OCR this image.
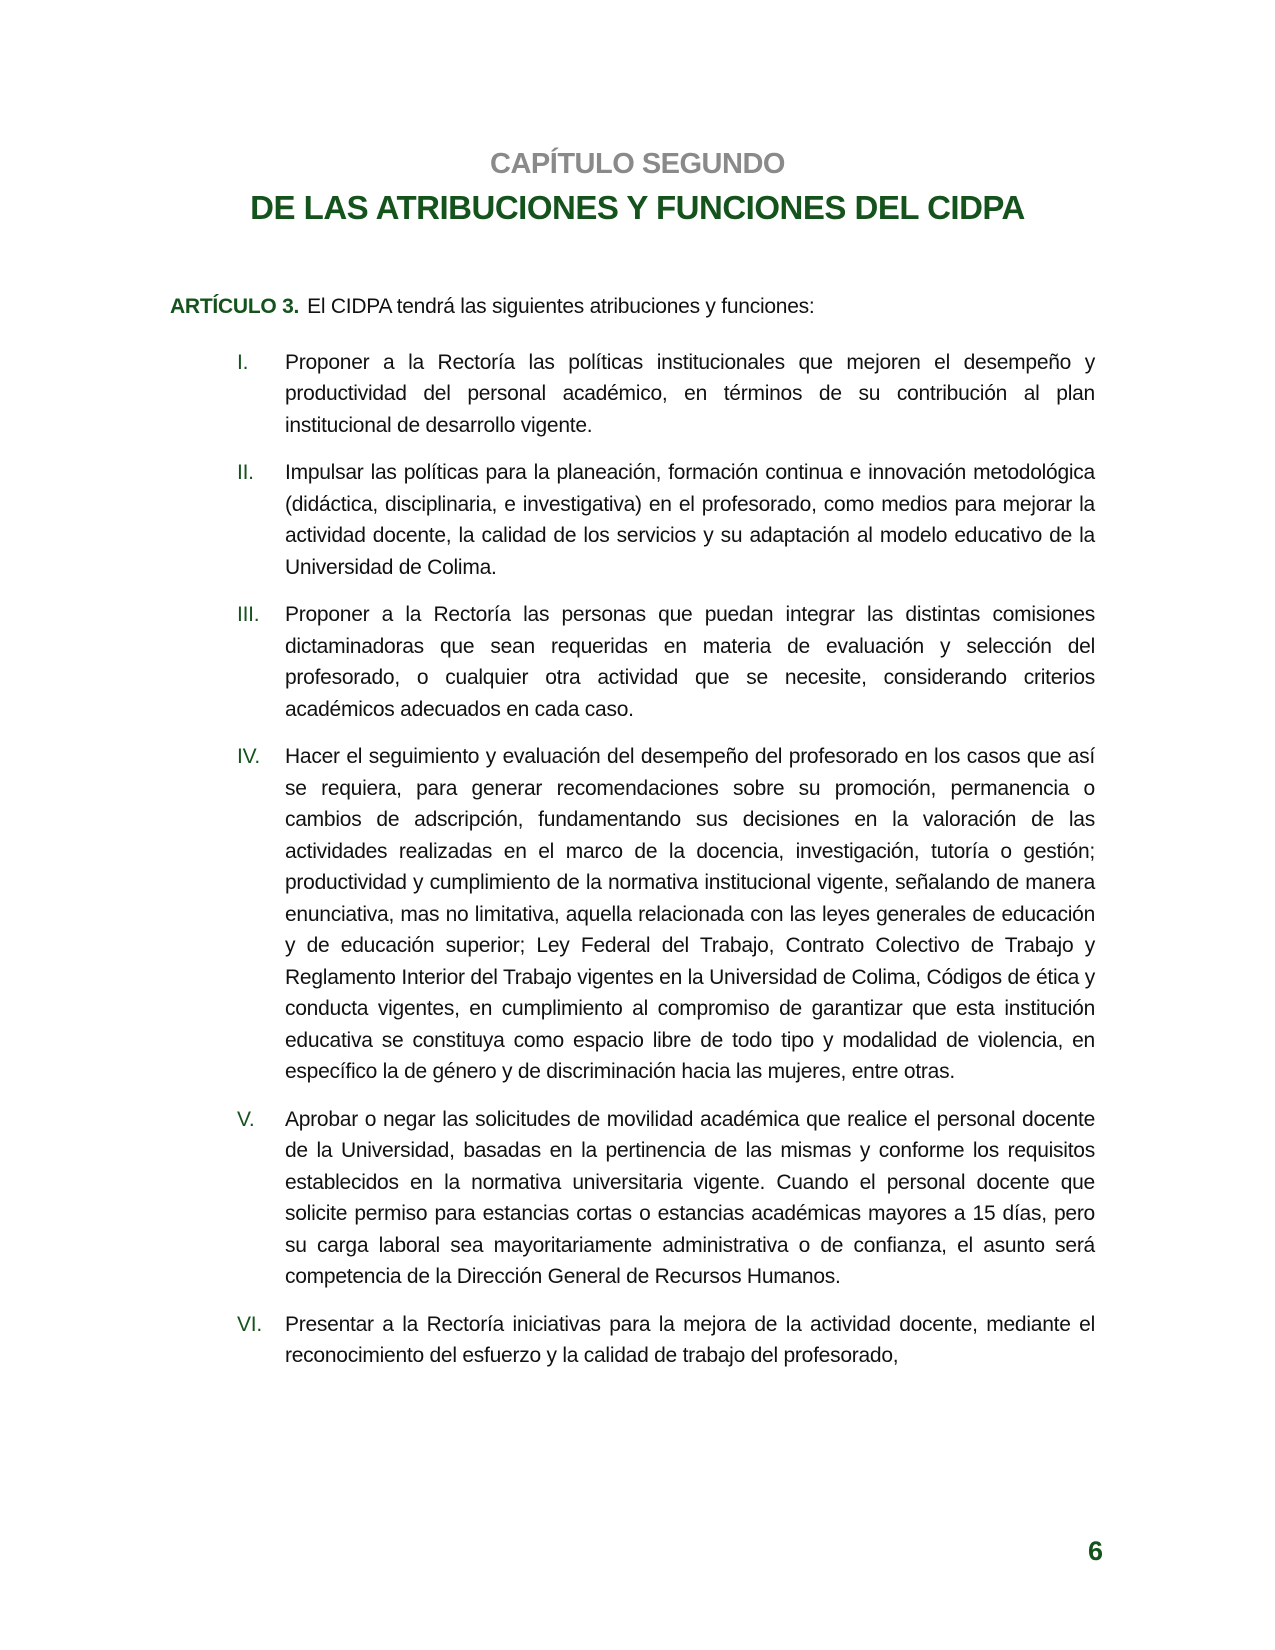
CAPÍTULO SEGUNDO
DE LAS ATRIBUCIONES Y FUNCIONES DEL CIDPA

ARTÍCULO 3. El CIDPA tendrá las siguientes atribuciones y funciones:

I.	Proponer a la Rectoría las políticas institucionales que mejoren el desempeño y productividad del personal académico, en términos de su contribución al plan institucional de desarrollo vigente.
II.	Impulsar las políticas para la planeación, formación continua e innovación metodológica (didáctica, disciplinaria, e investigativa) en el profesorado, como medios para mejorar la actividad docente, la calidad de los servicios y su adaptación al modelo educativo de la Universidad de Colima.
III.	Proponer a la Rectoría las personas que puedan integrar las distintas comisiones dictaminadoras que sean requeridas en materia de evaluación y selección del profesorado, o cualquier otra actividad que se necesite, considerando criterios académicos adecuados en cada caso.
IV.	Hacer el seguimiento y evaluación del desempeño del profesorado en los casos que así se requiera, para generar recomendaciones sobre su promoción, permanencia o cambios de adscripción, fundamentando sus decisiones en la valoración de las actividades realizadas en el marco de la docencia, investigación, tutoría o gestión; productividad y cumplimiento de la normativa institucional vigente, señalando de manera enunciativa, mas no limitativa, aquella relacionada con las leyes generales de educación y de educación superior; Ley Federal del Trabajo, Contrato Colectivo de Trabajo y Reglamento Interior del Trabajo vigentes en la Universidad de Colima, Códigos de ética y conducta vigentes, en cumplimiento al compromiso de garantizar que esta institución educativa se constituya como espacio libre de todo tipo y modalidad de violencia, en específico la de género y de discriminación hacia las mujeres, entre otras.
V.	Aprobar o negar las solicitudes de movilidad académica que realice el personal docente de la Universidad, basadas en la pertinencia de las mismas y conforme los requisitos establecidos en la normativa universitaria vigente. Cuando el personal docente que solicite permiso para estancias cortas o estancias académicas mayores a 15 días, pero su carga laboral sea mayoritariamente administrativa o de confianza, el asunto será competencia de la Dirección General de Recursos Humanos.
VI.	Presentar a la Rectoría iniciativas para la mejora de la actividad docente, mediante el reconocimiento del esfuerzo y la calidad de trabajo del profesorado,
6
